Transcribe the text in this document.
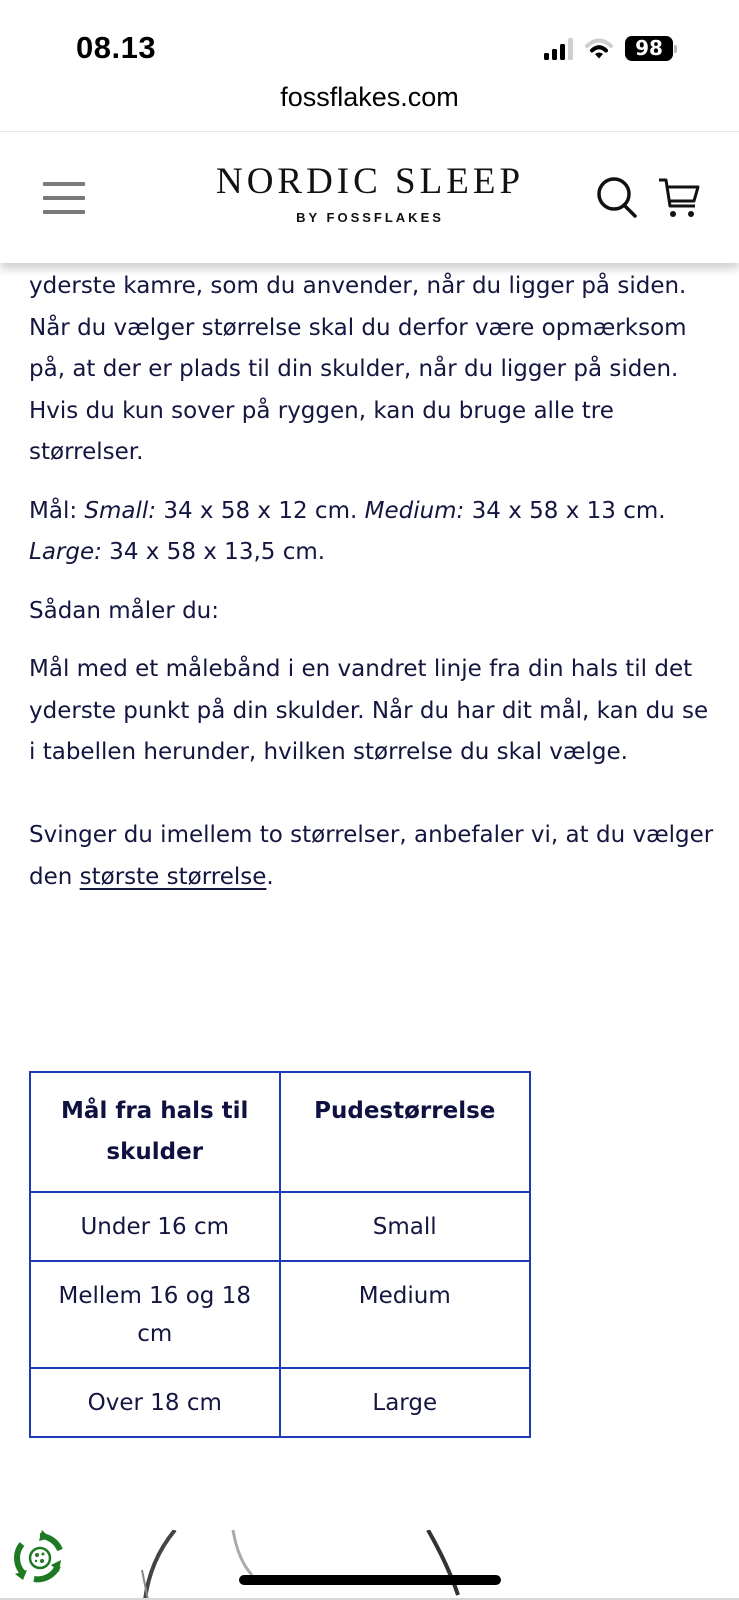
08.13	98
fossflakes.com
NORDIC SLEEP
BY FOSSFLAKES

yderste kamre, som du anvender, når du ligger på siden.
Når du vælger størrelse skal du derfor være opmærksom på, at der er plads til din skulder, når du ligger på siden. Hvis du kun sover på ryggen, kan du bruge alle tre størrelser.

Mål: Small: 34 x 58 x 12 cm. Medium: 34 x 58 x 13 cm. Large: 34 x 58 x 13,5 cm.

Sådan måler du:

Mål med et målebånd i en vandret linje fra din hals til det yderste punkt på din skulder. Når du har dit mål, kan du se i tabellen herunder, hvilken størrelse du skal vælge.

Svinger du imellem to størrelser, anbefaler vi, at du vælger den største størrelse.

Mål fra hals til skulder	Pudestørrelse
Under 16 cm	Small
Mellem 16 og 18 cm	Medium
Over 18 cm	Large
